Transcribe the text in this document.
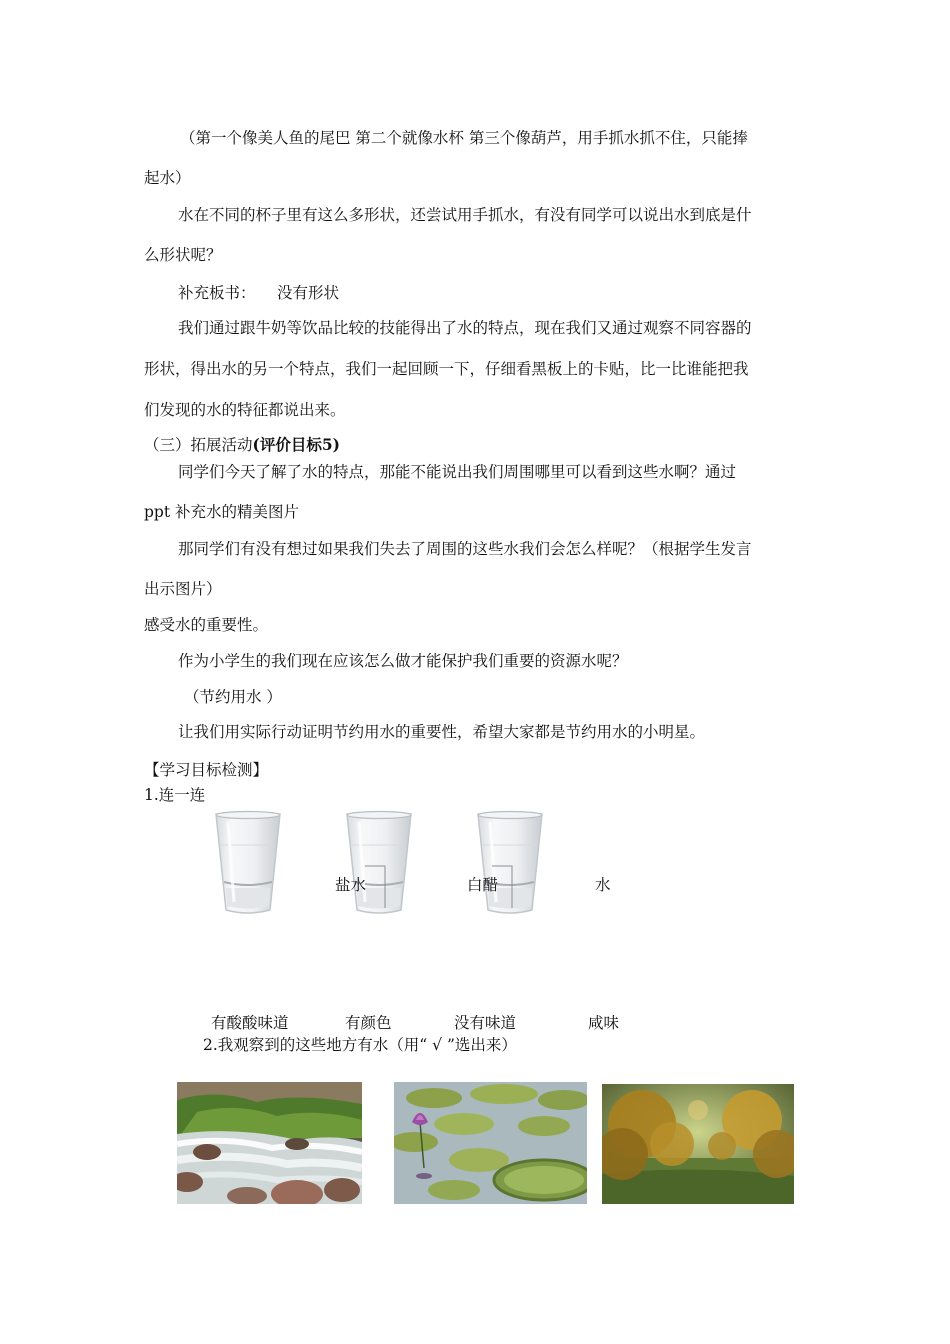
（第一个像美人鱼的尾巴 第二个就像水杯 第三个像葫芦，用手抓水抓不住，只能捧
起水）
水在不同的杯子里有这么多形状，还尝试用手抓水，有没有同学可以说出水到底是什
么形状呢？
补充板书： 没有形状
我们通过跟牛奶等饮品比较的技能得出了水的特点，现在我们又通过观察不同容器的
形状，得出水的另一个特点，我们一起回顾一下，仔细看黑板上的卡贴，比一比谁能把我
们发现的水的特征都说出来。
（三）拓展活动(评价目标5)
同学们今天了解了水的特点，那能不能说出我们周围哪里可以看到这些水啊？通过
ppt 补充水的精美图片
那同学们有没有想过如果我们失去了周围的这些水我们会怎么样呢？（根据学生发言
出示图片）
感受水的重要性。
作为小学生的我们现在应该怎么做才能保护我们重要的资源水呢？
（节约用水 ）
让我们用实际行动证明节约用水的重要性，希望大家都是节约用水的小明星。
【学习目标检测】
1.连一连
盐水	白醋	水
有酸酸味道	有颜色	没有味道	咸味
2.我观察到的这些地方有水（用“ √ ”选出来）
